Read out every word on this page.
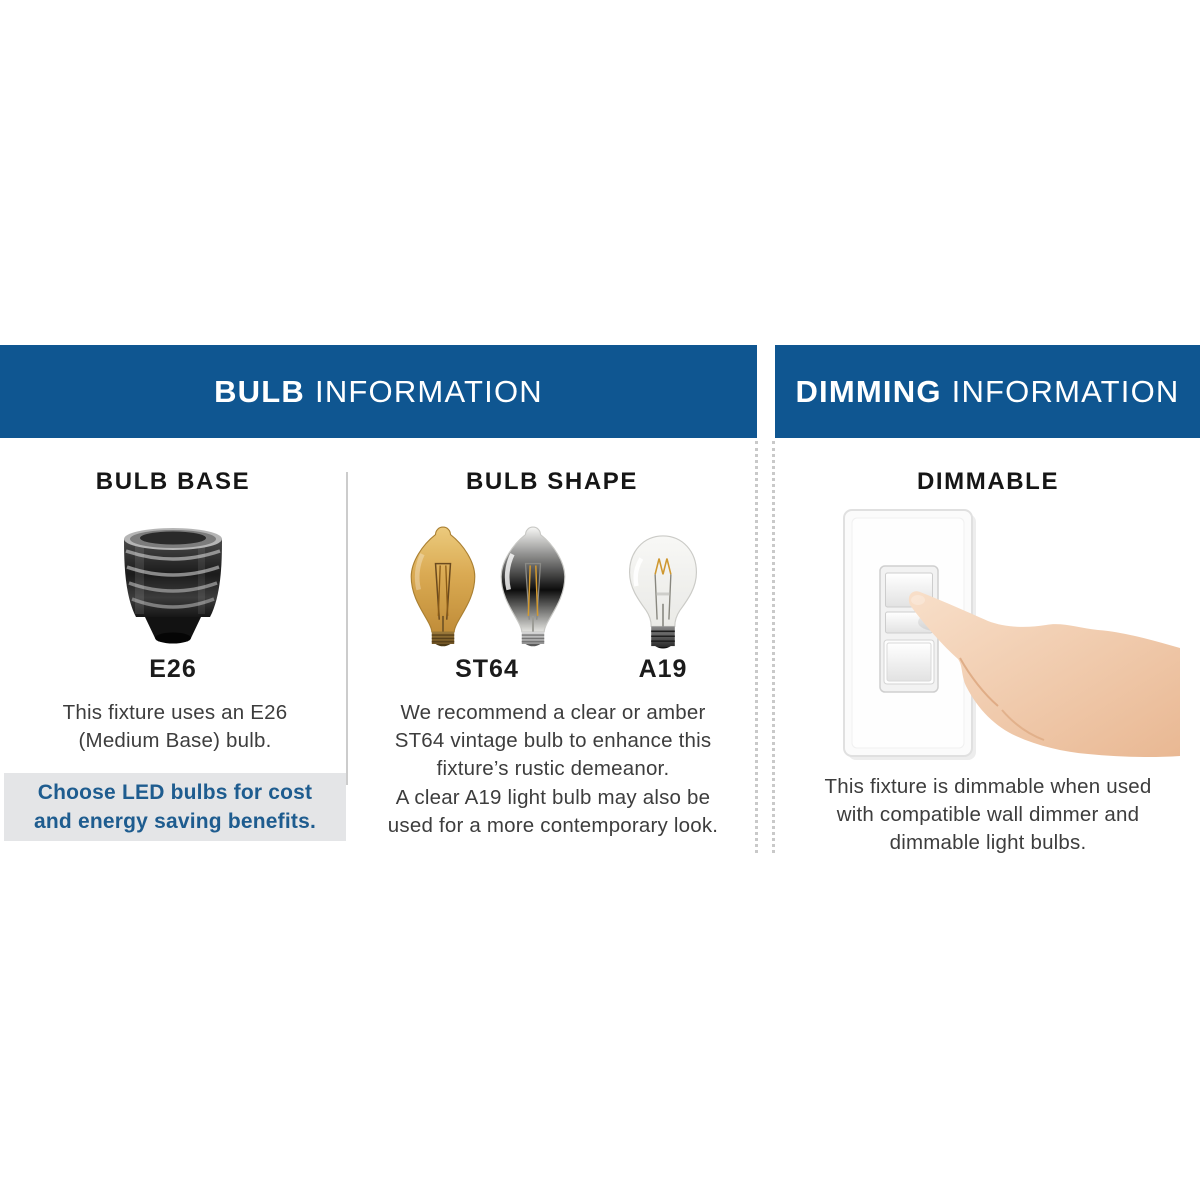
BULB INFORMATION	DIMMING INFORMATION
BULB BASE	BULB SHAPE	DIMMABLE
E26	ST64	A19
This fixture uses an E26 (Medium Base) bulb.
We recommend a clear or amber ST64 vintage bulb to enhance this fixture’s rustic demeanor.
A clear A19 light bulb may also be used for a more contemporary look.
This fixture is dimmable when used with compatible wall dimmer and dimmable light bulbs.
Choose LED bulbs for cost and energy saving benefits.
